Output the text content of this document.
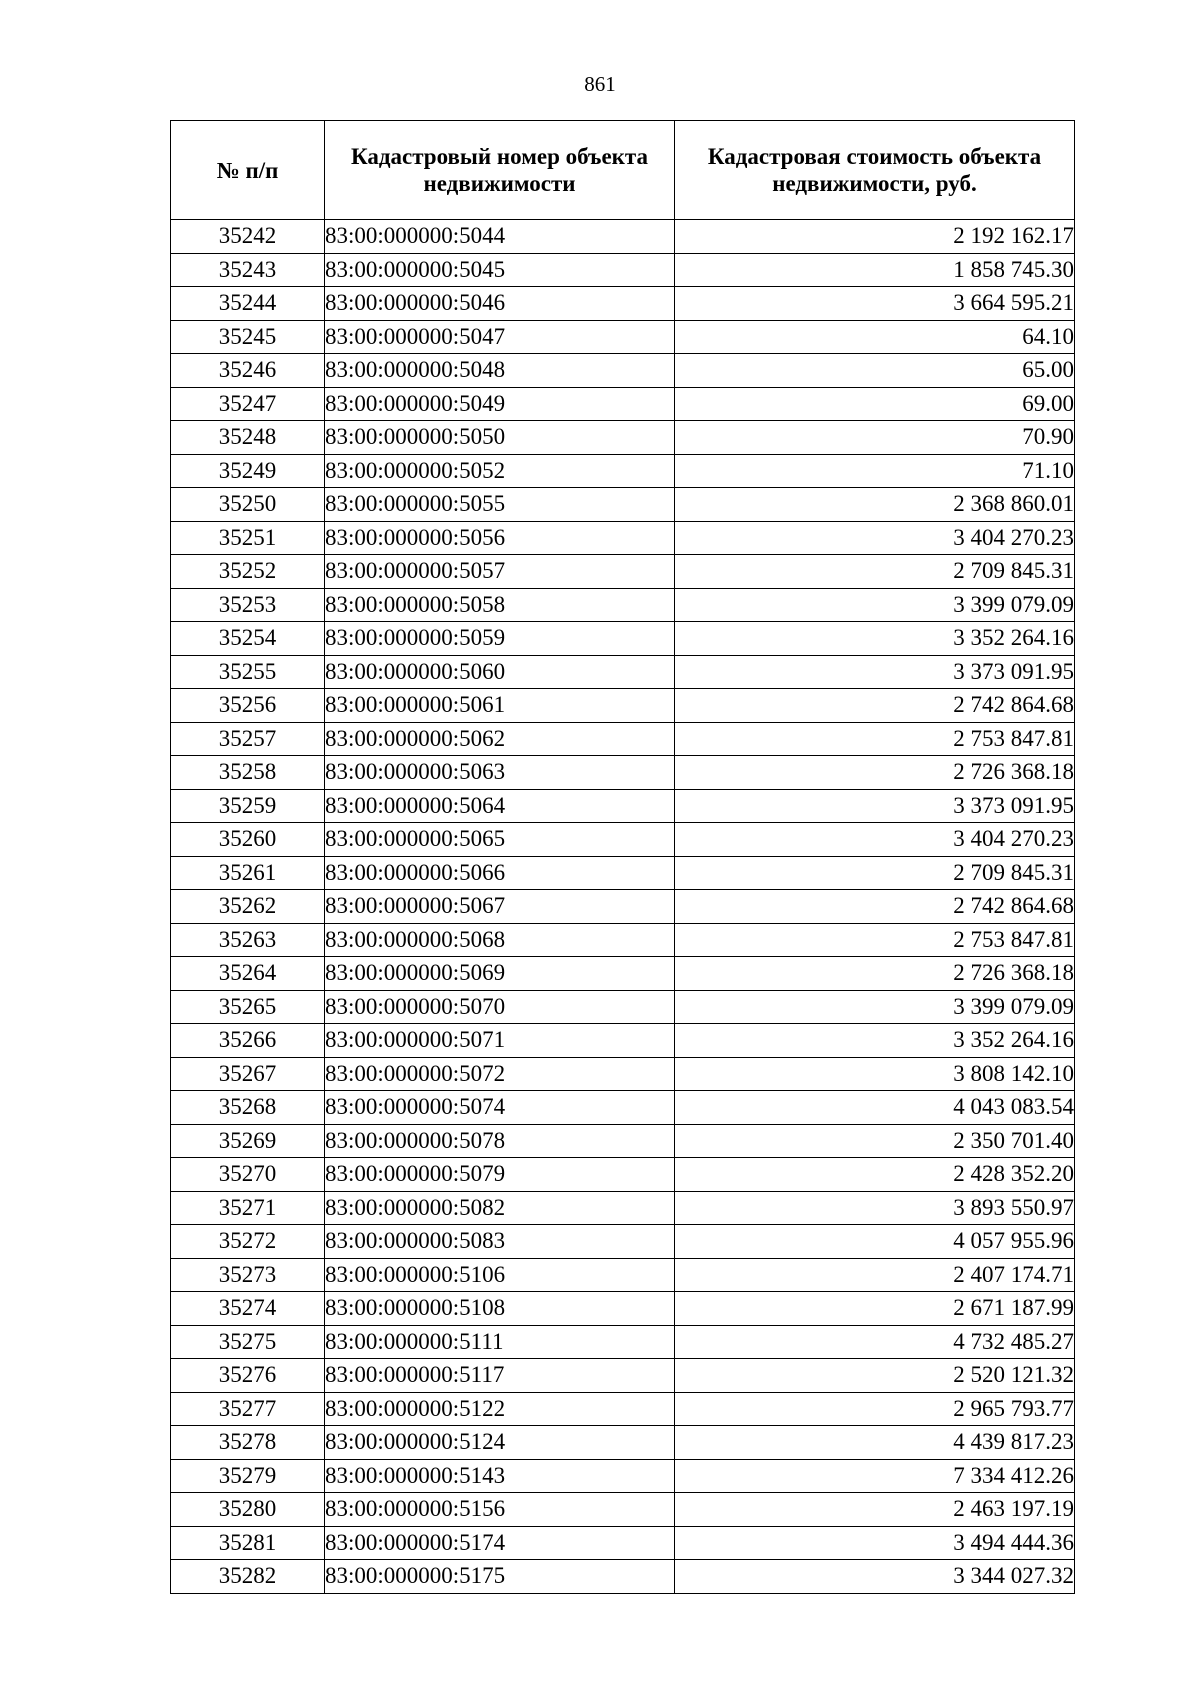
861
№ п/п	Кадастровый номер объекта недвижимости	Кадастровая стоимость объекта недвижимости, руб.
35242	83:00:000000:5044	2 192 162.17
35243	83:00:000000:5045	1 858 745.30
35244	83:00:000000:5046	3 664 595.21
35245	83:00:000000:5047	64.10
35246	83:00:000000:5048	65.00
35247	83:00:000000:5049	69.00
35248	83:00:000000:5050	70.90
35249	83:00:000000:5052	71.10
35250	83:00:000000:5055	2 368 860.01
35251	83:00:000000:5056	3 404 270.23
35252	83:00:000000:5057	2 709 845.31
35253	83:00:000000:5058	3 399 079.09
35254	83:00:000000:5059	3 352 264.16
35255	83:00:000000:5060	3 373 091.95
35256	83:00:000000:5061	2 742 864.68
35257	83:00:000000:5062	2 753 847.81
35258	83:00:000000:5063	2 726 368.18
35259	83:00:000000:5064	3 373 091.95
35260	83:00:000000:5065	3 404 270.23
35261	83:00:000000:5066	2 709 845.31
35262	83:00:000000:5067	2 742 864.68
35263	83:00:000000:5068	2 753 847.81
35264	83:00:000000:5069	2 726 368.18
35265	83:00:000000:5070	3 399 079.09
35266	83:00:000000:5071	3 352 264.16
35267	83:00:000000:5072	3 808 142.10
35268	83:00:000000:5074	4 043 083.54
35269	83:00:000000:5078	2 350 701.40
35270	83:00:000000:5079	2 428 352.20
35271	83:00:000000:5082	3 893 550.97
35272	83:00:000000:5083	4 057 955.96
35273	83:00:000000:5106	2 407 174.71
35274	83:00:000000:5108	2 671 187.99
35275	83:00:000000:5111	4 732 485.27
35276	83:00:000000:5117	2 520 121.32
35277	83:00:000000:5122	2 965 793.77
35278	83:00:000000:5124	4 439 817.23
35279	83:00:000000:5143	7 334 412.26
35280	83:00:000000:5156	2 463 197.19
35281	83:00:000000:5174	3 494 444.36
35282	83:00:000000:5175	3 344 027.32
